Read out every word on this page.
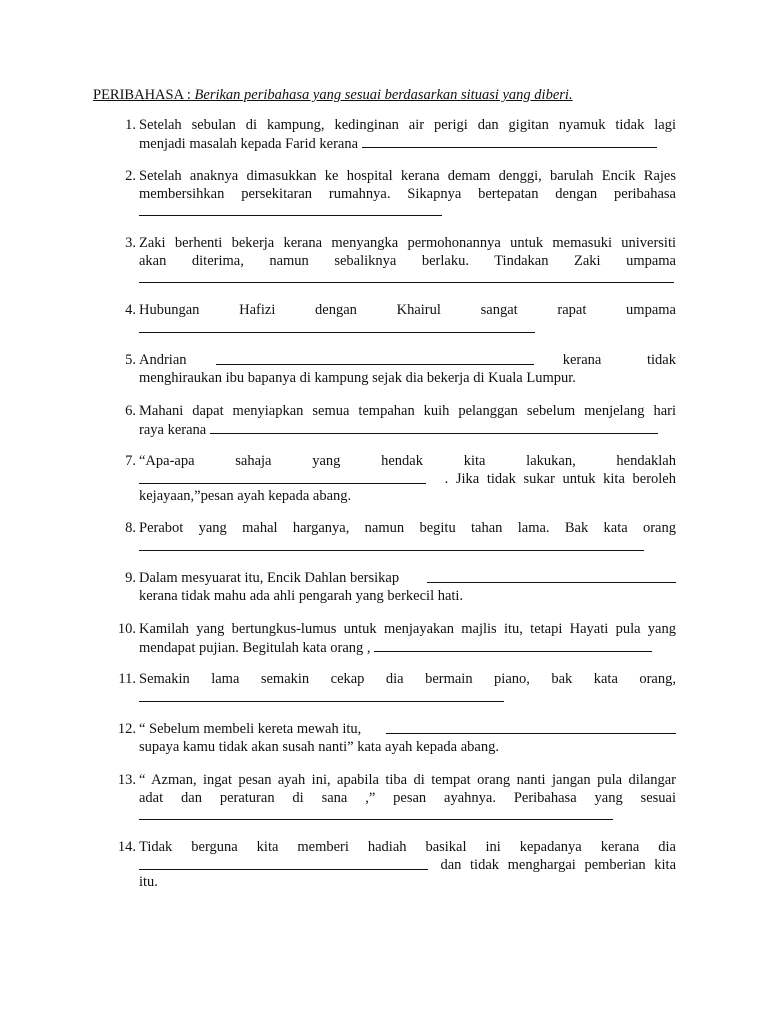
PERIBAHASA : Berikan peribahasa yang sesuai berdasarkan situasi yang diberi.
1. Setelah sebulan di kampung, kedinginan air perigi dan gigitan nyamuk tidak lagi
menjadi masalah kepada Farid kerana
2. Setelah anaknya dimasukkan ke hospital kerana demam denggi, barulah Encik Rajes
membersihkan persekitaran rumahnya. Sikapnya bertepatan dengan peribahasa
3. Zaki berhenti bekerja kerana menyangka permohonannya untuk memasuki universiti
akan diterima, namun sebaliknya berlaku. Tindakan Zaki umpama
4. Hubungan Hafizi dengan Khairul sangat rapat umpama
5. Andrian	kerana tidak
menghiraukan ibu bapanya di kampung sejak dia bekerja di Kuala Lumpur.
6. Mahani dapat menyiapkan semua tempahan kuih pelanggan sebelum menjelang hari
raya kerana
7. “Apa-apa sahaja yang hendak kita lakukan, hendaklah
. Jika tidak sukar untuk kita beroleh
kejayaan,”pesan ayah kepada abang.
8. Perabot yang mahal harganya, namun begitu tahan lama. Bak kata orang
9. Dalam mesyuarat itu, Encik Dahlan bersikap
kerana tidak mahu ada ahli pengarah yang berkecil hati.
10. Kamilah yang bertungkus-lumus untuk menjayakan majlis itu, tetapi Hayati pula yang
mendapat pujian. Begitulah kata orang ,
11. Semakin lama semakin cekap dia bermain piano, bak kata orang,
12. “ Sebelum membeli kereta mewah itu,
supaya kamu tidak akan susah nanti” kata ayah kepada abang.
13. “ Azman, ingat pesan ayah ini, apabila tiba di tempat orang nanti jangan pula dilangar
adat dan peraturan di sana ,” pesan ayahnya. Peribahasa yang sesuai
14. Tidak berguna kita memberi hadiah basikal ini kepadanya kerana dia
dan tidak menghargai pemberian kita
itu.
